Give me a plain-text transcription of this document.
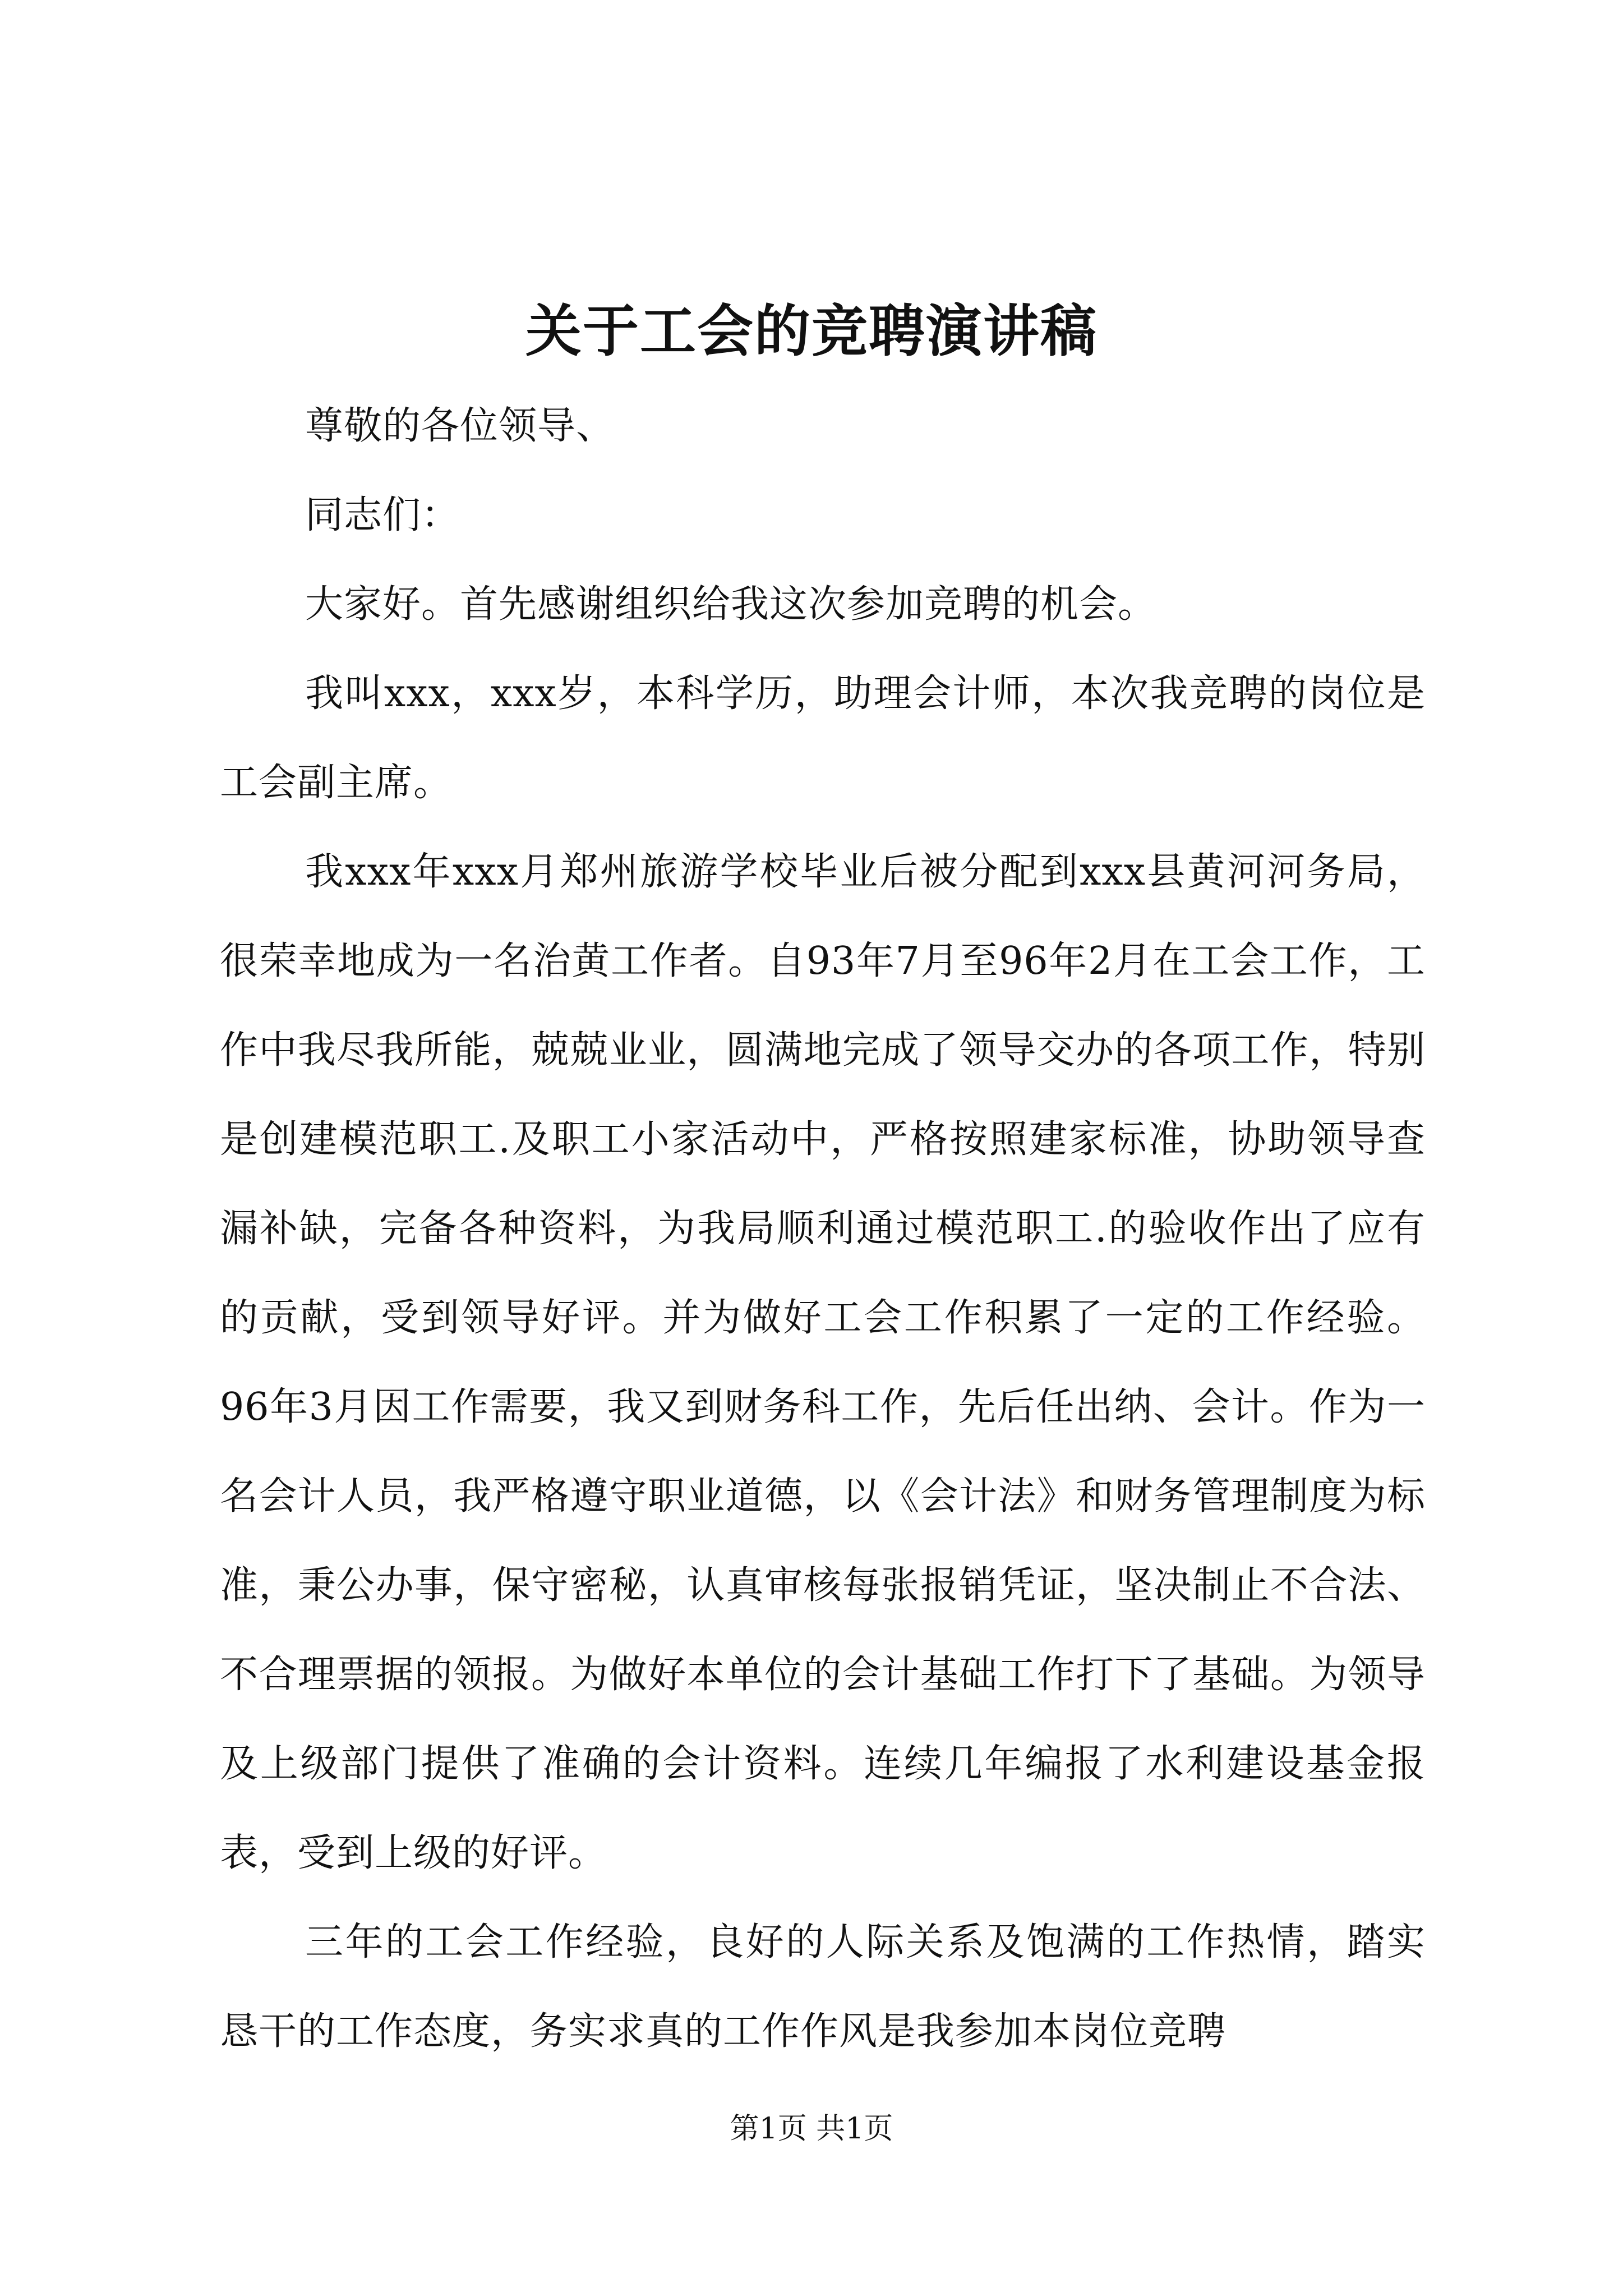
关于工会的竞聘演讲稿

尊敬的各位领导、

同志们：

大家好。首先感谢组织给我这次参加竞聘的机会。

我叫xxx，xxx岁，本科学历，助理会计师，本次我竞聘的岗位是工会副主席。

我xxx年xxx月郑州旅游学校毕业后被分配到xxx县黄河河务局，很荣幸地成为一名治黄工作者。自93年7月至96年2月在工会工作，工作中我尽我所能，兢兢业业，圆满地完成了领导交办的各项工作，特别是创建模范职工.及职工小家活动中，严格按照建家标准，协助领导查漏补缺，完备各种资料，为我局顺利通过模范职工.的验收作出了应有的贡献，受到领导好评。并为做好工会工作积累了一定的工作经验。96年3月因工作需要，我又到财务科工作，先后任出纳、会计。作为一名会计人员，我严格遵守职业道德，以《会计法》和财务管理制度为标准，秉公办事，保守密秘，认真审核每张报销凭证，坚决制止不合法、不合理票据的领报。为做好本单位的会计基础工作打下了基础。为领导及上级部门提供了准确的会计资料。连续几年编报了水利建设基金报表，受到上级的好评。

三年的工会工作经验，良好的人际关系及饱满的工作热情，踏实恳干的工作态度，务实求真的工作作风是我参加本岗位竞聘

第1页 共1页
